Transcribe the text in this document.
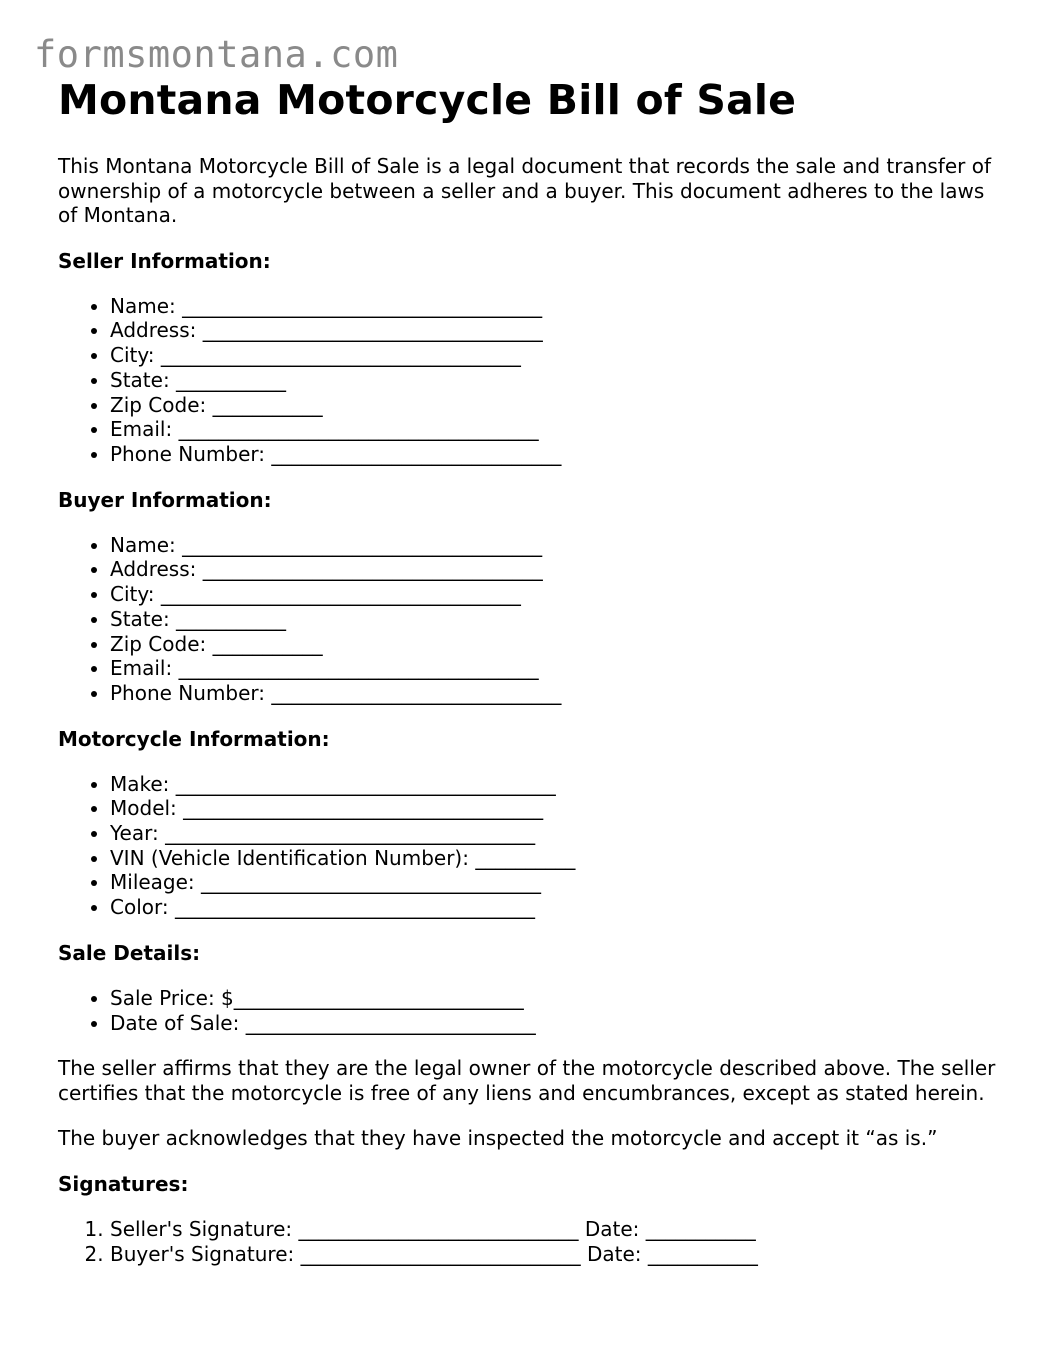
formsmontana.com
Montana Motorcycle Bill of Sale

This Montana Motorcycle Bill of Sale is a legal document that records the sale and transfer of ownership of a motorcycle between a seller and a buyer. This document adheres to the laws of Montana.

Seller Information:
• Name: ____________________________________
• Address: __________________________________
• City: ____________________________________
• State: ___________
• Zip Code: ___________
• Email: ____________________________________
• Phone Number: _____________________________
Buyer Information:
• Name: ____________________________________
• Address: __________________________________
• City: ____________________________________
• State: ___________
• Zip Code: ___________
• Email: ____________________________________
• Phone Number: _____________________________
Motorcycle Information:
• Make: ______________________________________
• Model: ____________________________________
• Year: _____________________________________
• VIN (Vehicle Identification Number): __________
• Mileage: __________________________________
• Color: ____________________________________
Sale Details:
• Sale Price: $_____________________________
• Date of Sale: _____________________________

The seller affirms that they are the legal owner of the motorcycle described above. The seller certifies that the motorcycle is free of any liens and encumbrances, except as stated herein.

The buyer acknowledges that they have inspected the motorcycle and accept it “as is.”

Signatures:
1. Seller's Signature: ____________________________ Date: ___________
2. Buyer's Signature: ____________________________ Date: ___________
